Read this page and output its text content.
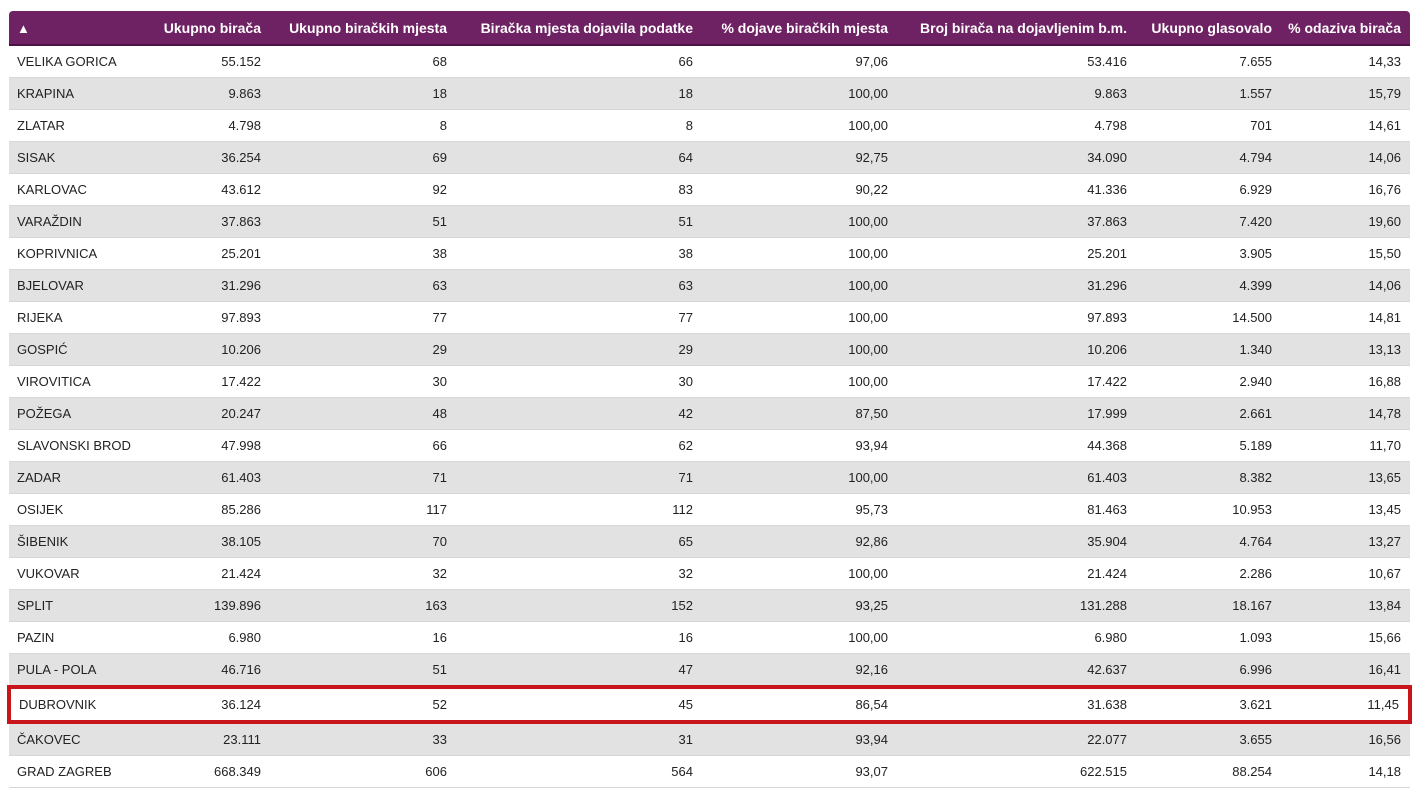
▲	Ukupno birača	Ukupno biračkih mjesta	Biračka mjesta dojavila podatke	% dojave biračkih mjesta	Broj birača na dojavljenim b.m.	Ukupno glasovalo	% odaziva birača
VELIKA GORICA	55.152	68	66	97,06	53.416	7.655	14,33
KRAPINA	9.863	18	18	100,00	9.863	1.557	15,79
ZLATAR	4.798	8	8	100,00	4.798	701	14,61
SISAK	36.254	69	64	92,75	34.090	4.794	14,06
KARLOVAC	43.612	92	83	90,22	41.336	6.929	16,76
VARAŽDIN	37.863	51	51	100,00	37.863	7.420	19,60
KOPRIVNICA	25.201	38	38	100,00	25.201	3.905	15,50
BJELOVAR	31.296	63	63	100,00	31.296	4.399	14,06
RIJEKA	97.893	77	77	100,00	97.893	14.500	14,81
GOSPIĆ	10.206	29	29	100,00	10.206	1.340	13,13
VIROVITICA	17.422	30	30	100,00	17.422	2.940	16,88
POŽEGA	20.247	48	42	87,50	17.999	2.661	14,78
SLAVONSKI BROD	47.998	66	62	93,94	44.368	5.189	11,70
ZADAR	61.403	71	71	100,00	61.403	8.382	13,65
OSIJEK	85.286	117	112	95,73	81.463	10.953	13,45
ŠIBENIK	38.105	70	65	92,86	35.904	4.764	13,27
VUKOVAR	21.424	32	32	100,00	21.424	2.286	10,67
SPLIT	139.896	163	152	93,25	131.288	18.167	13,84
PAZIN	6.980	16	16	100,00	6.980	1.093	15,66
PULA - POLA	46.716	51	47	92,16	42.637	6.996	16,41
DUBROVNIK	36.124	52	45	86,54	31.638	3.621	11,45
ČAKOVEC	23.111	33	31	93,94	22.077	3.655	16,56
GRAD ZAGREB	668.349	606	564	93,07	622.515	88.254	14,18
